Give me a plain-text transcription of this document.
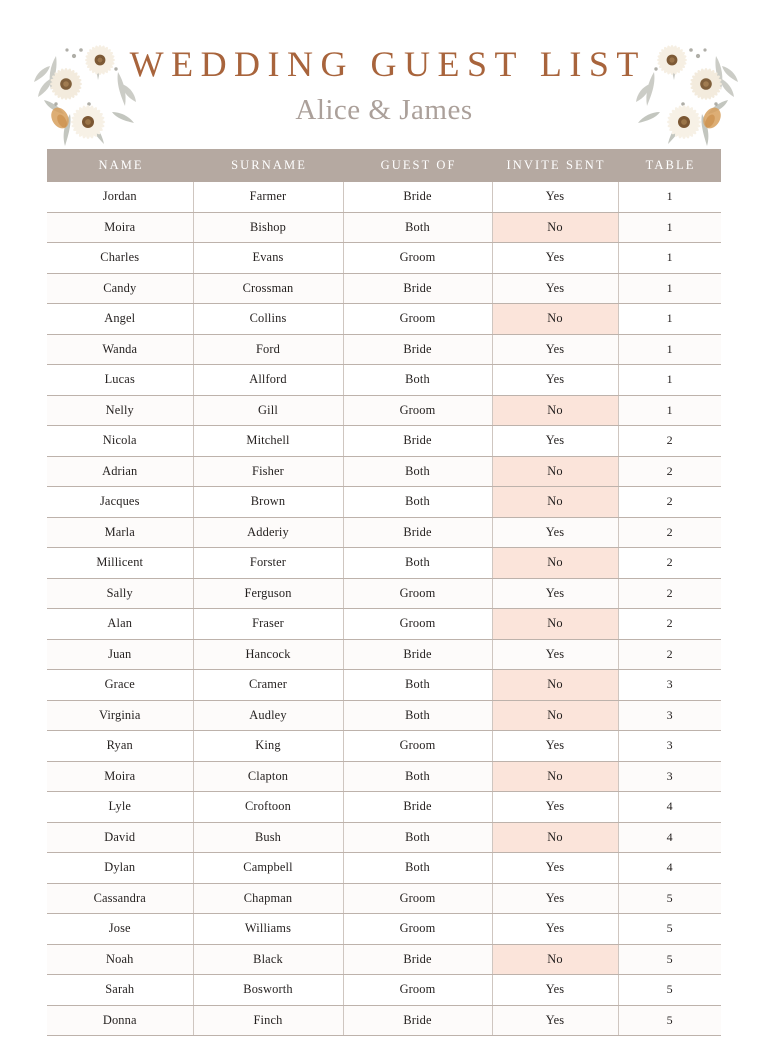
WEDDING GUEST LIST
Alice & James
NAME	SURNAME	GUEST OF	INVITE SENT	TABLE
Jordan	Farmer	Bride	Yes	1
Moira	Bishop	Both	No	1
Charles	Evans	Groom	Yes	1
Candy	Crossman	Bride	Yes	1
Angel	Collins	Groom	No	1
Wanda	Ford	Bride	Yes	1
Lucas	Allford	Both	Yes	1
Nelly	Gill	Groom	No	1
Nicola	Mitchell	Bride	Yes	2
Adrian	Fisher	Both	No	2
Jacques	Brown	Both	No	2
Marla	Adderiy	Bride	Yes	2
Millicent	Forster	Both	No	2
Sally	Ferguson	Groom	Yes	2
Alan	Fraser	Groom	No	2
Juan	Hancock	Bride	Yes	2
Grace	Cramer	Both	No	3
Virginia	Audley	Both	No	3
Ryan	King	Groom	Yes	3
Moira	Clapton	Both	No	3
Lyle	Croftoon	Bride	Yes	4
David	Bush	Both	No	4
Dylan	Campbell	Both	Yes	4
Cassandra	Chapman	Groom	Yes	5
Jose	Williams	Groom	Yes	5
Noah	Black	Bride	No	5
Sarah	Bosworth	Groom	Yes	5
Donna	Finch	Bride	Yes	5
